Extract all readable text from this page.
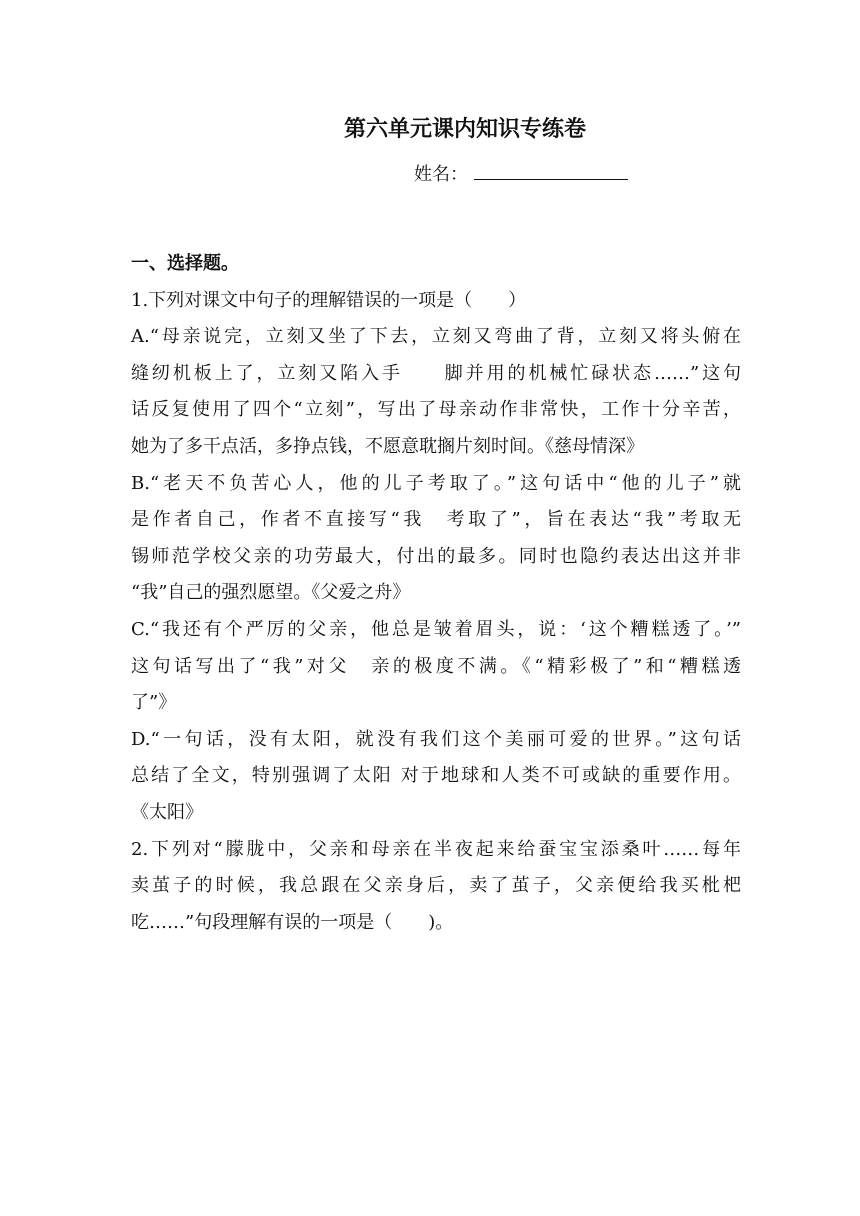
第六单元课内知识专练卷
姓名：
一、选择题。
1.下列对课文中句子的理解错误的一项是（　　）
A.“母亲说完，立刻又坐了下去，立刻又弯曲了背，立刻又将头俯在
缝纫机板上了，立刻又陷入手　　脚并用的机械忙碌状态……”这句
话反复使用了四个“立刻”，写出了母亲动作非常快，工作十分辛苦，
她为了多干点活，多挣点钱，不愿意耽搁片刻时间。《慈母情深》
B.“老天不负苦心人，他的儿子考取了。”这句话中“他的儿子”就
是作者自己，作者不直接写“我　考取了”，旨在表达“我”考取无
锡师范学校父亲的功劳最大，付出的最多。同时也隐约表达出这并非
“我”自己的强烈愿望。《父爱之舟》
C.“我还有个严厉的父亲，他总是皱着眉头，说：‘这个糟糕透了。’”
这句话写出了“我”对父　亲的极度不满。《“精彩极了”和“糟糕透
了”》
D.“一句话，没有太阳，就没有我们这个美丽可爱的世界。”这句话
总结了全文，特别强调了太阳 对于地球和人类不可或缺的重要作用。
《太阳》
2.下列对“朦胧中，父亲和母亲在半夜起来给蚕宝宝添桑叶……每年
卖茧子的时候，我总跟在父亲身后，卖了茧子，父亲便给我买枇杷
吃……”句段理解有误的一项是（　　)。
